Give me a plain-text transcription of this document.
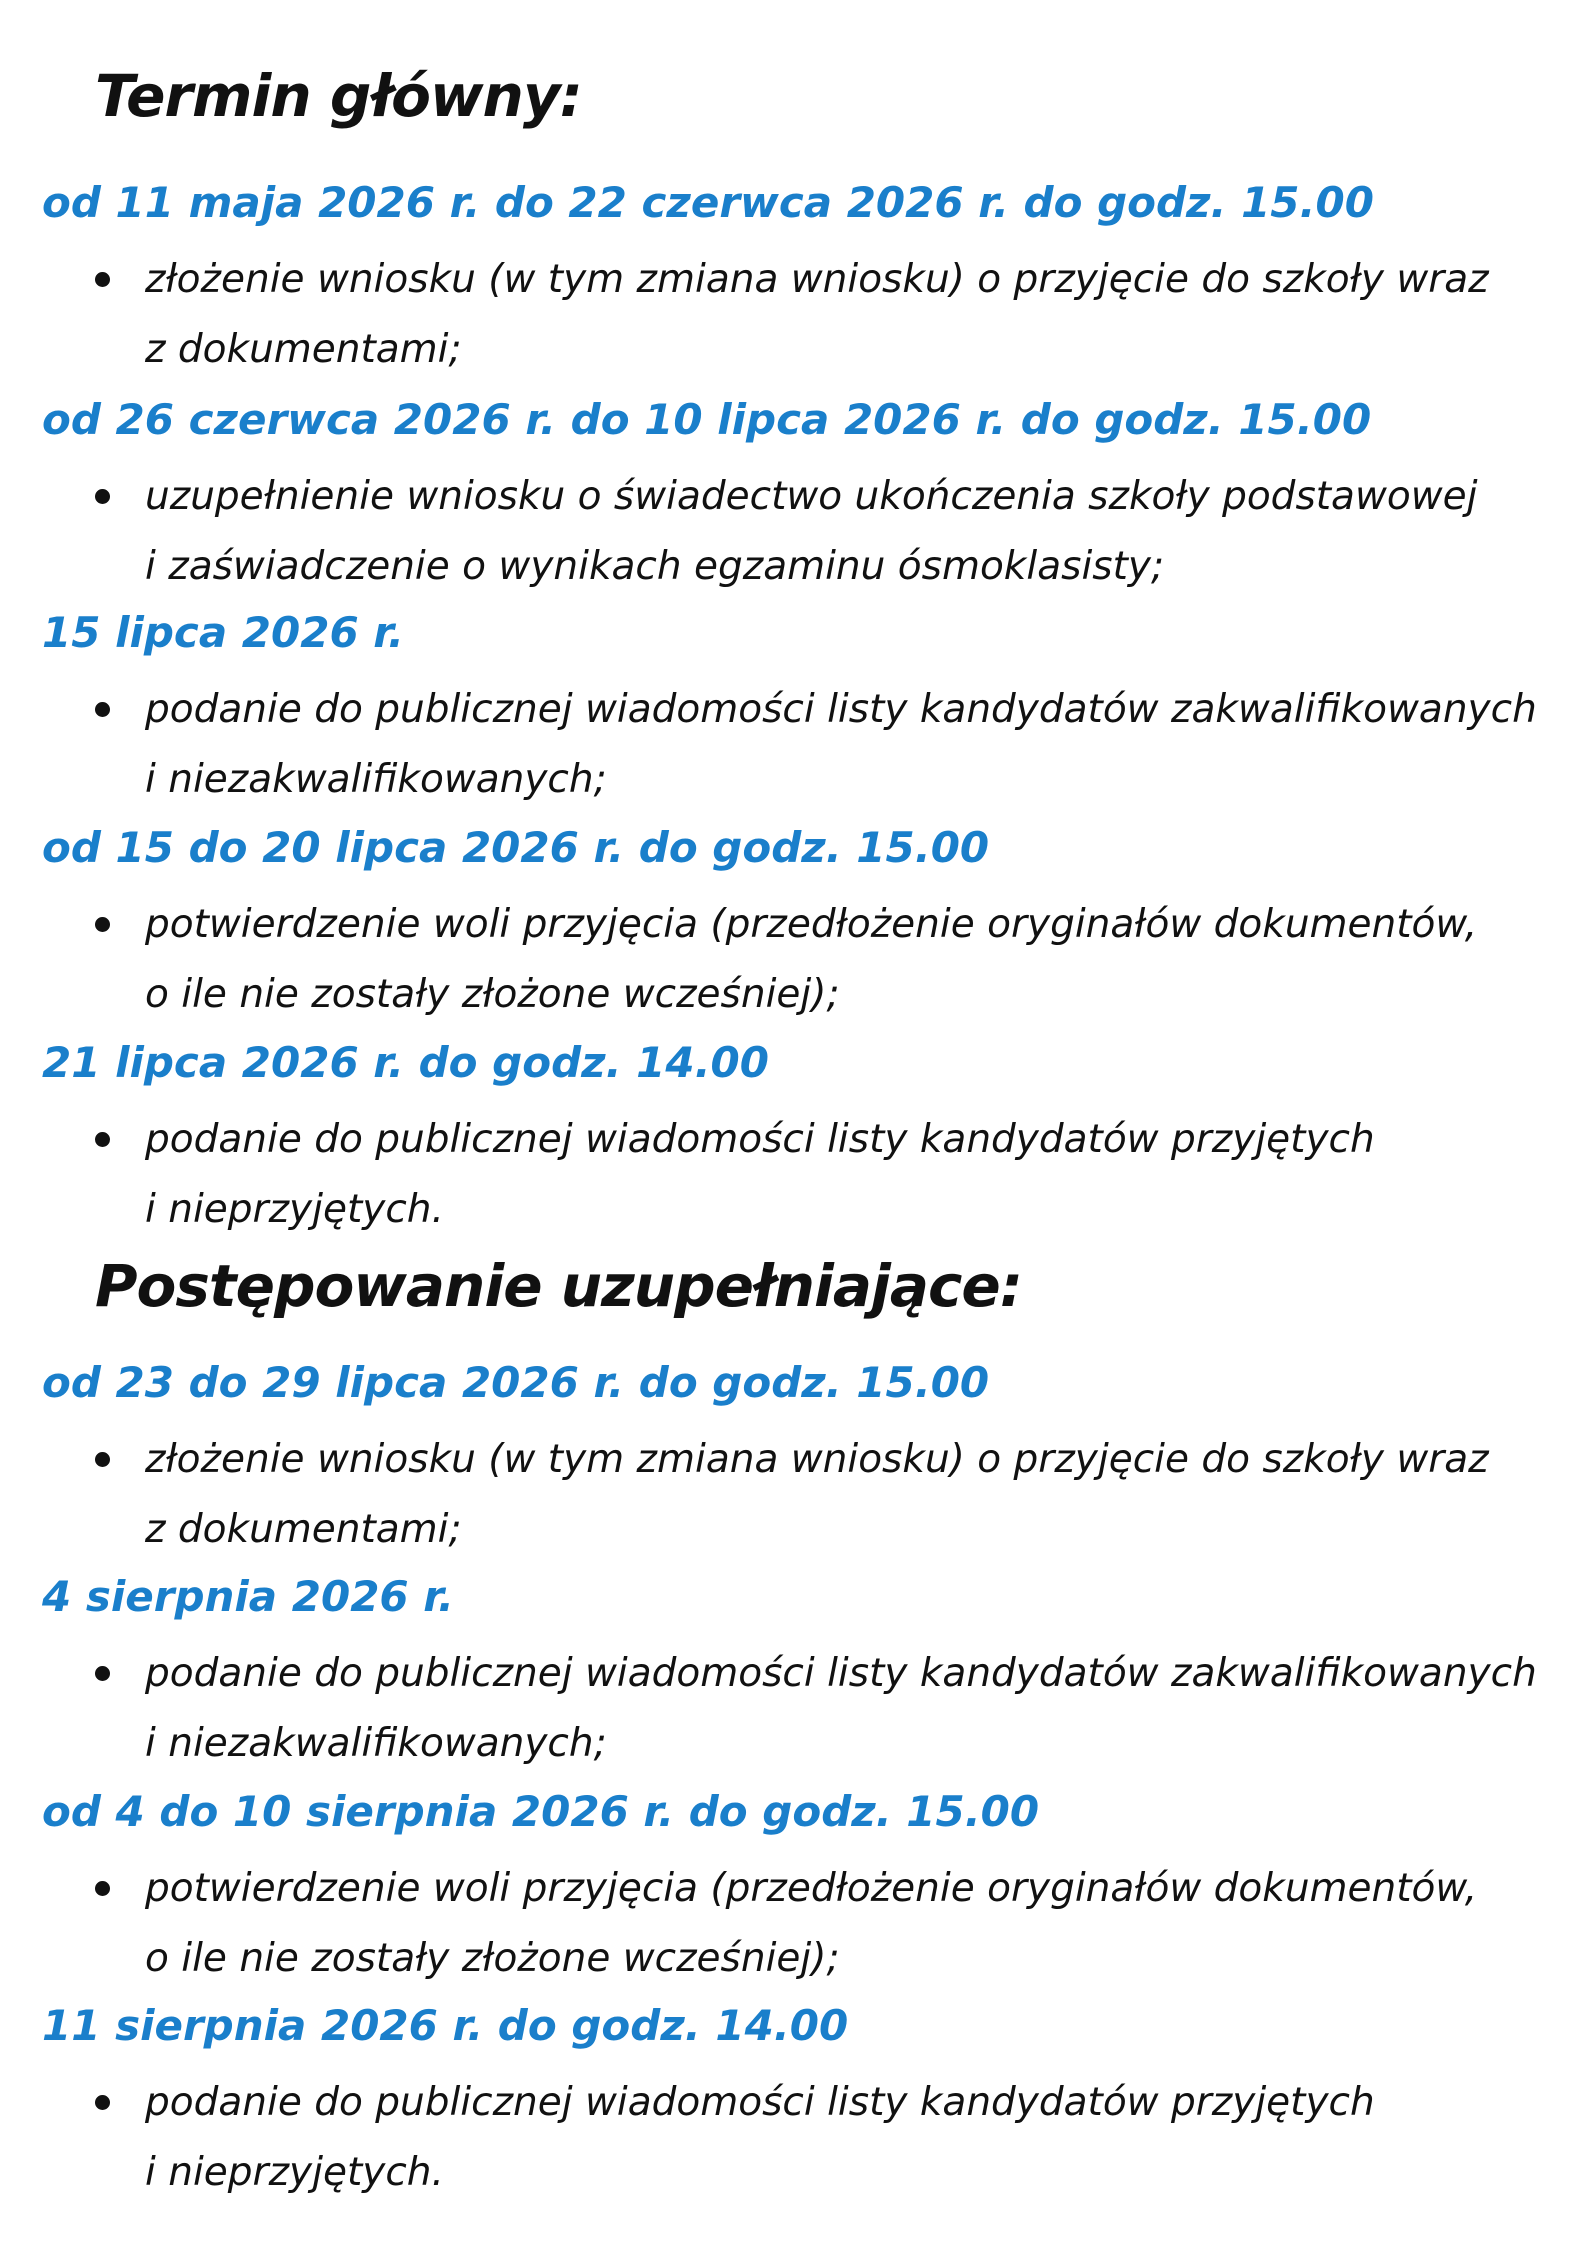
Termin główny:
od 11 maja 2026 r. do 22 czerwca 2026 r. do godz. 15.00
złożenie wniosku (w tym zmiana wniosku) o przyjęcie do szkoły wraz
z dokumentami;
od 26 czerwca 2026 r. do 10 lipca 2026 r. do godz. 15.00
uzupełnienie wniosku o świadectwo ukończenia szkoły podstawowej
i zaświadczenie o wynikach egzaminu ósmoklasisty;
15 lipca 2026 r.
podanie do publicznej wiadomości listy kandydatów zakwalifikowanych
i niezakwalifikowanych;
od 15 do 20 lipca 2026 r. do godz. 15.00
potwierdzenie woli przyjęcia (przedłożenie oryginałów dokumentów,
o ile nie zostały złożone wcześniej);
21 lipca 2026 r. do godz. 14.00
podanie do publicznej wiadomości listy kandydatów przyjętych
i nieprzyjętych.
Postępowanie uzupełniające:
od 23 do 29 lipca 2026 r. do godz. 15.00
złożenie wniosku (w tym zmiana wniosku) o przyjęcie do szkoły wraz
z dokumentami;
4 sierpnia 2026 r.
podanie do publicznej wiadomości listy kandydatów zakwalifikowanych
i niezakwalifikowanych;
od 4 do 10 sierpnia 2026 r. do godz. 15.00
potwierdzenie woli przyjęcia (przedłożenie oryginałów dokumentów,
o ile nie zostały złożone wcześniej);
11 sierpnia 2026 r. do godz. 14.00
podanie do publicznej wiadomości listy kandydatów przyjętych
i nieprzyjętych.
